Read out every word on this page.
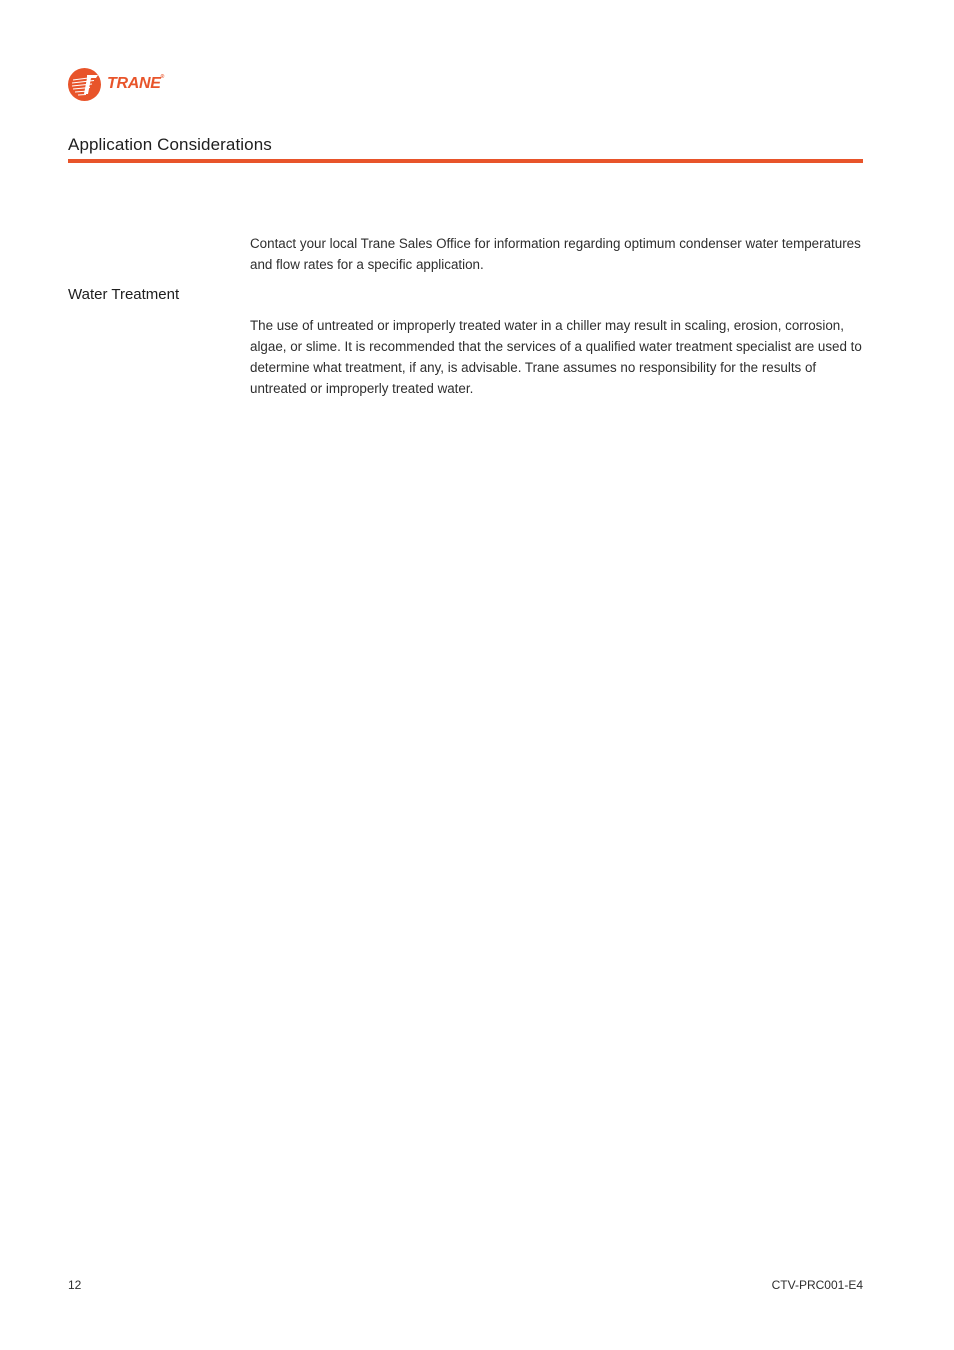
TRANE®
Application Considerations

Contact your local Trane Sales Office for information regarding optimum condenser water temperatures and flow rates for a specific application.

Water Treatment

The use of untreated or improperly treated water in a chiller may result in scaling, erosion, corrosion, algae, or slime. It is recommended that the services of a qualified water treatment specialist are used to determine what treatment, if any, is advisable. Trane assumes no responsibility for the results of untreated or improperly treated water.

12	CTV-PRC001-E4
